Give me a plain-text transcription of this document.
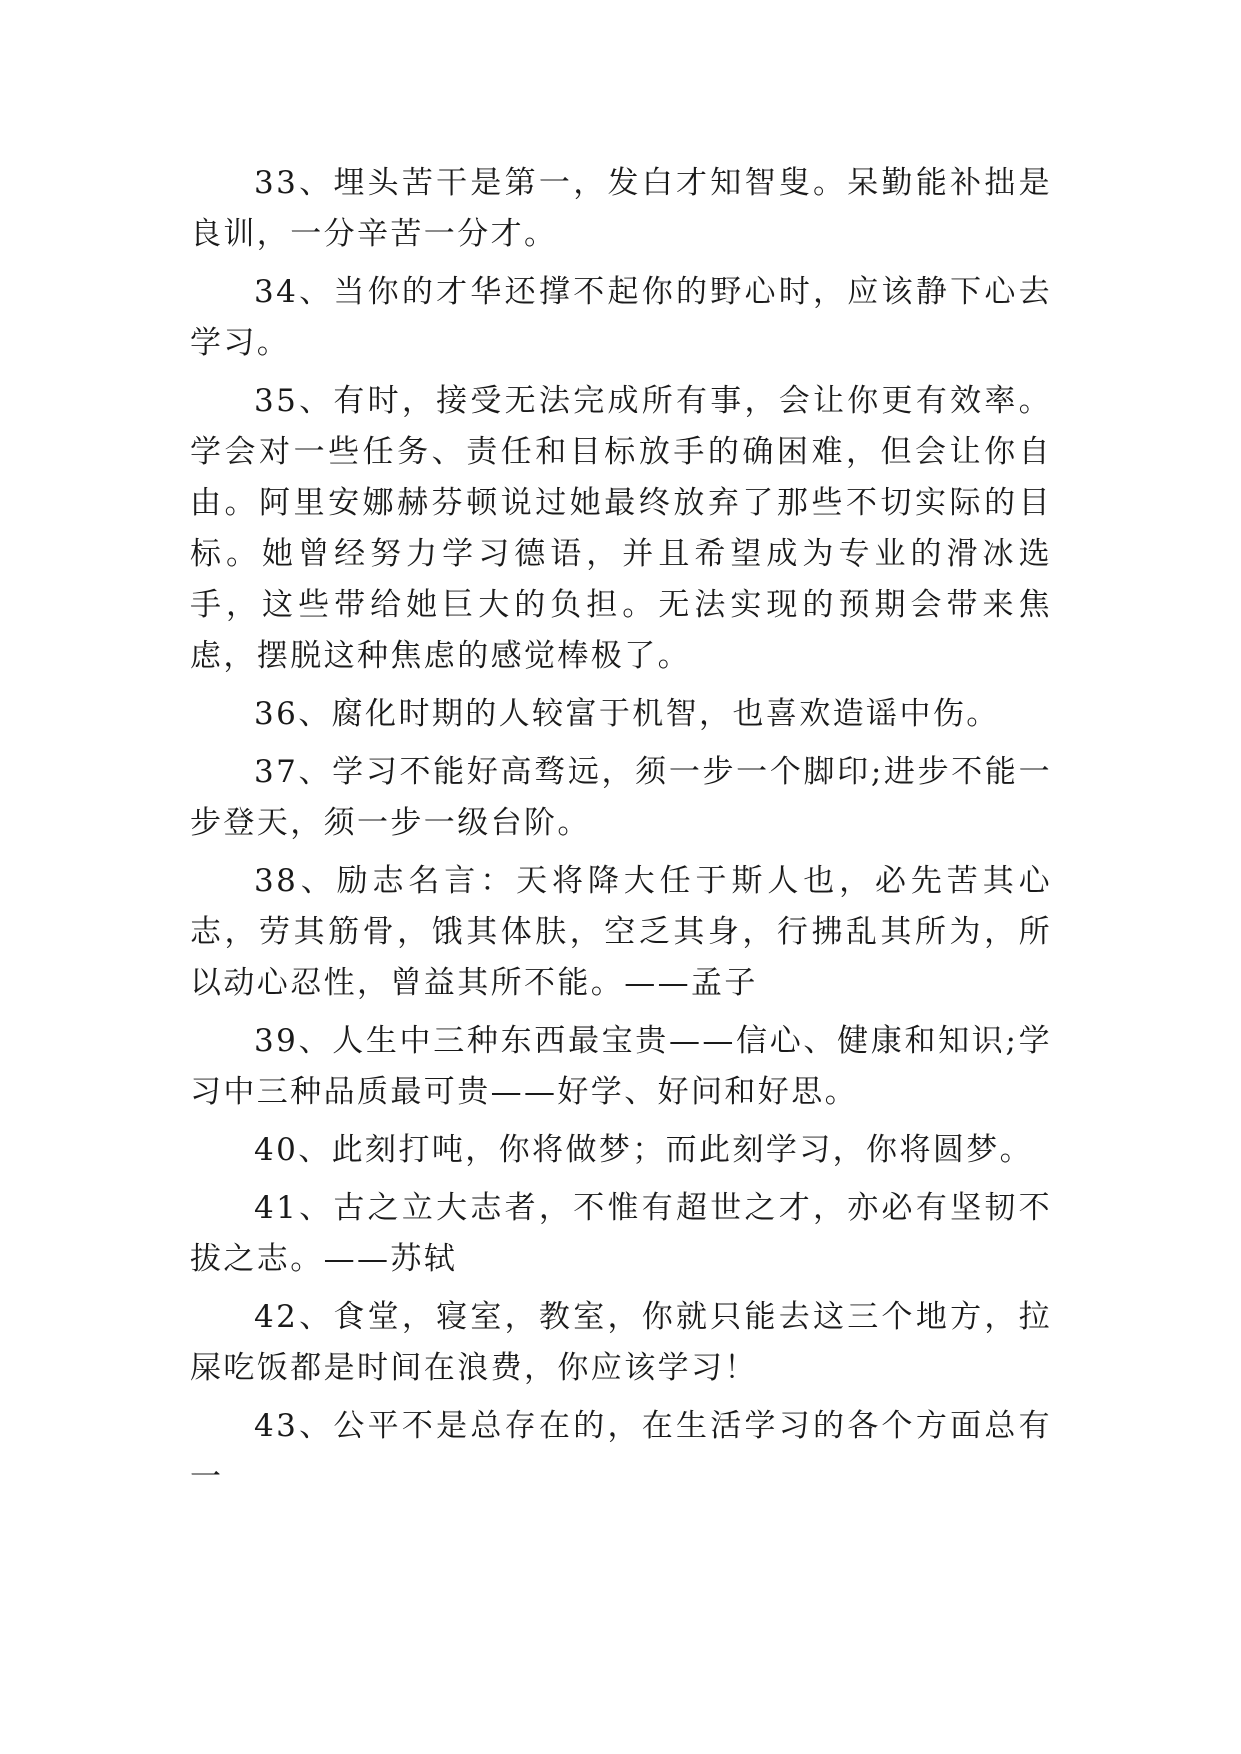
33、埋头苦干是第一，发白才知智叟。呆勤能补拙是良训，一分辛苦一分才。

34、当你的才华还撑不起你的野心时，应该静下心去学习。

35、有时，接受无法完成所有事，会让你更有效率。学会对一些任务、责任和目标放手的确困难，但会让你自由。阿里安娜赫芬顿说过她最终放弃了那些不切实际的目标。她曾经努力学习德语，并且希望成为专业的滑冰选手，这些带给她巨大的负担。无法实现的预期会带来焦虑，摆脱这种焦虑的感觉棒极了。

36、腐化时期的人较富于机智，也喜欢造谣中伤。

37、学习不能好高骛远，须一步一个脚印;进步不能一步登天，须一步一级台阶。

38、励志名言：天将降大任于斯人也，必先苦其心志，劳其筋骨，饿其体肤，空乏其身，行拂乱其所为，所以动心忍性，曾益其所不能。——孟子

39、人生中三种东西最宝贵——信心、健康和知识;学习中三种品质最可贵——好学、好问和好思。

40、此刻打吨，你将做梦；而此刻学习，你将圆梦。

41、古之立大志者，不惟有超世之才，亦必有坚韧不拔之志。——苏轼

42、食堂，寝室，教室，你就只能去这三个地方，拉屎吃饭都是时间在浪费，你应该学习！

43、公平不是总存在的，在生活学习的各个方面总有一
